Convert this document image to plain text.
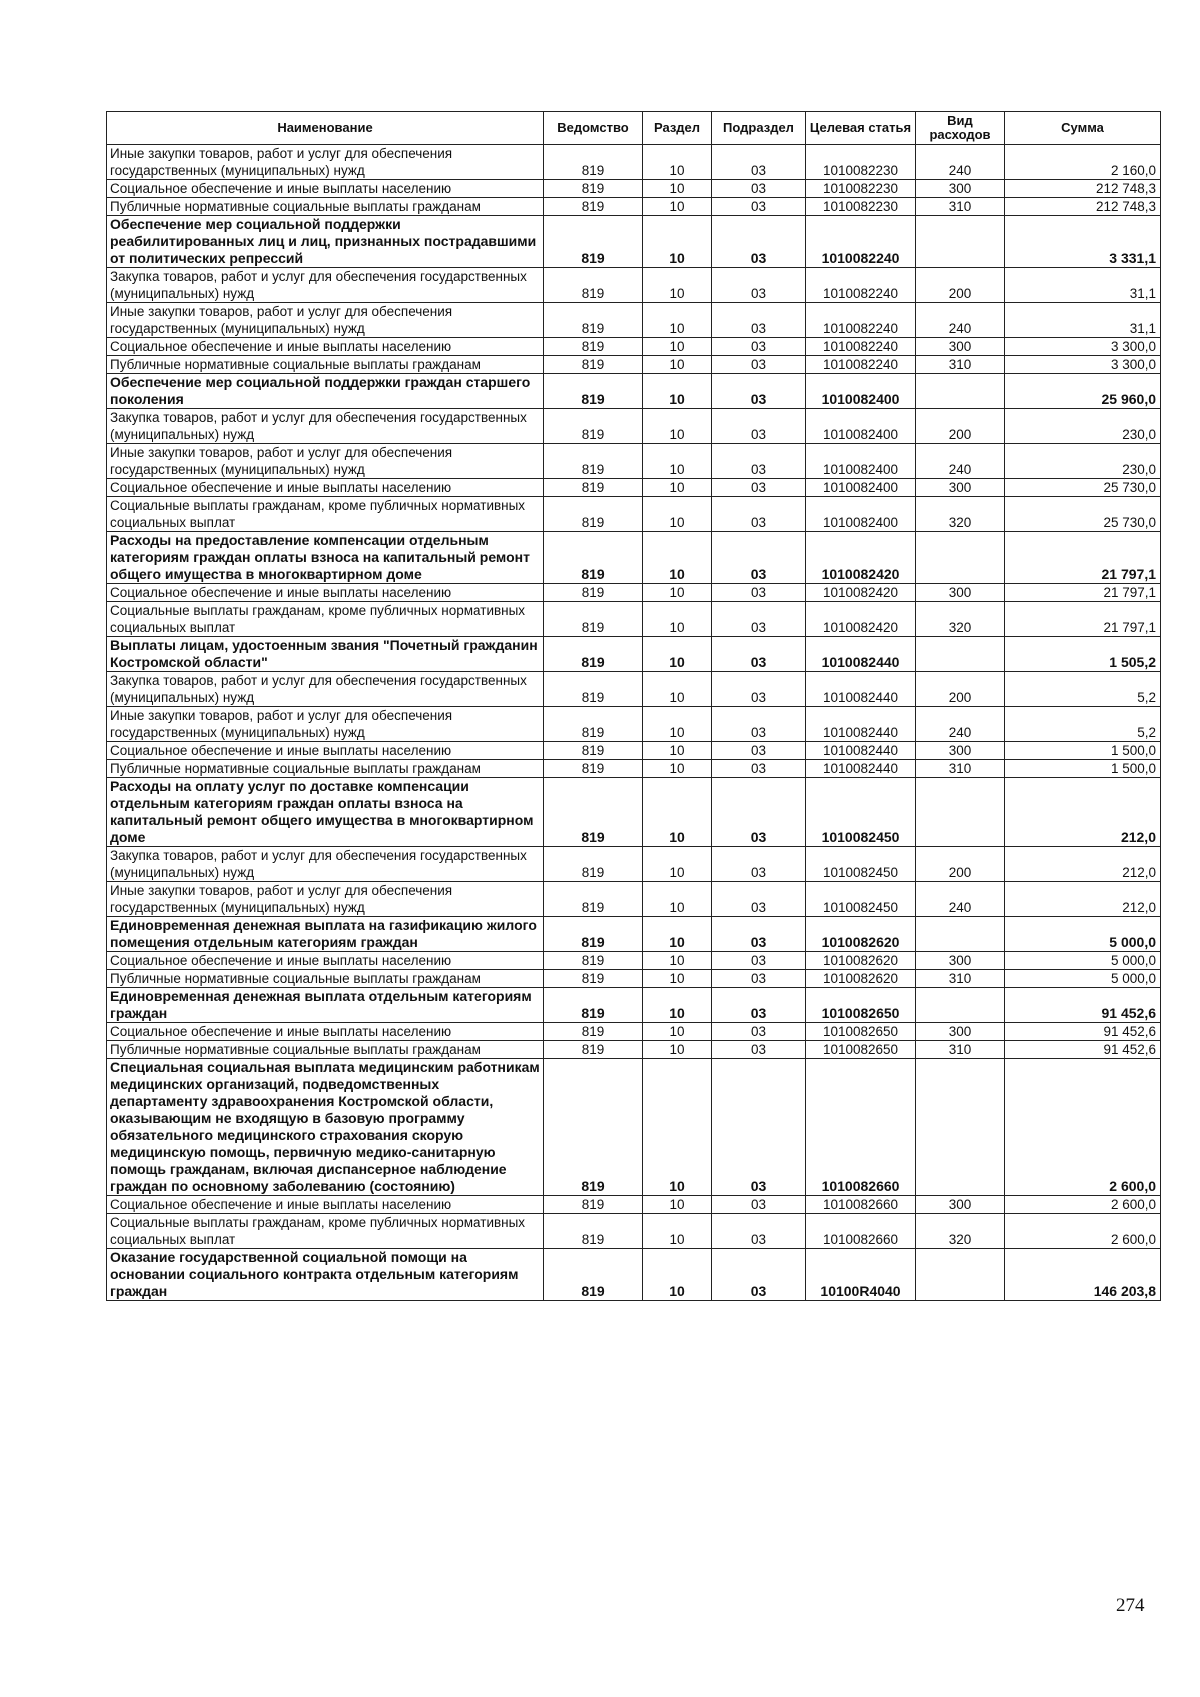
Наименование	Ведомство	Раздел	Подраздел	Целевая статья	Вид расходов	Сумма
Иные закупки товаров, работ и услуг для обеспечения государственных (муниципальных) нужд	819	10	03	1010082230	240	2 160,0
Социальное обеспечение и иные выплаты населению	819	10	03	1010082230	300	212 748,3
Публичные нормативные социальные выплаты гражданам	819	10	03	1010082230	310	212 748,3
Обеспечение мер социальной поддержки реабилитированных лиц и лиц, признанных пострадавшими от политических репрессий	819	10	03	1010082240		3 331,1
Закупка товаров, работ и услуг для обеспечения государственных (муниципальных) нужд	819	10	03	1010082240	200	31,1
Иные закупки товаров, работ и услуг для обеспечения государственных (муниципальных) нужд	819	10	03	1010082240	240	31,1
Социальное обеспечение и иные выплаты населению	819	10	03	1010082240	300	3 300,0
Публичные нормативные социальные выплаты гражданам	819	10	03	1010082240	310	3 300,0
Обеспечение мер социальной поддержки граждан старшего поколения	819	10	03	1010082400		25 960,0
Закупка товаров, работ и услуг для обеспечения государственных (муниципальных) нужд	819	10	03	1010082400	200	230,0
Иные закупки товаров, работ и услуг для обеспечения государственных (муниципальных) нужд	819	10	03	1010082400	240	230,0
Социальное обеспечение и иные выплаты населению	819	10	03	1010082400	300	25 730,0
Социальные выплаты гражданам, кроме публичных нормативных социальных выплат	819	10	03	1010082400	320	25 730,0
Расходы на предоставление компенсации отдельным категориям граждан оплаты взноса на капитальный ремонт общего имущества в многоквартирном доме	819	10	03	1010082420		21 797,1
Социальное обеспечение и иные выплаты населению	819	10	03	1010082420	300	21 797,1
Социальные выплаты гражданам, кроме публичных нормативных социальных выплат	819	10	03	1010082420	320	21 797,1
Выплаты лицам, удостоенным звания "Почетный гражданин Костромской области"	819	10	03	1010082440		1 505,2
Закупка товаров, работ и услуг для обеспечения государственных (муниципальных) нужд	819	10	03	1010082440	200	5,2
Иные закупки товаров, работ и услуг для обеспечения государственных (муниципальных) нужд	819	10	03	1010082440	240	5,2
Социальное обеспечение и иные выплаты населению	819	10	03	1010082440	300	1 500,0
Публичные нормативные социальные выплаты гражданам	819	10	03	1010082440	310	1 500,0
Расходы на оплату услуг по доставке компенсации отдельным категориям граждан оплаты взноса на капитальный ремонт общего имущества в многоквартирном доме	819	10	03	1010082450		212,0
Закупка товаров, работ и услуг для обеспечения государственных (муниципальных) нужд	819	10	03	1010082450	200	212,0
Иные закупки товаров, работ и услуг для обеспечения государственных (муниципальных) нужд	819	10	03	1010082450	240	212,0
Единовременная денежная выплата на газификацию жилого помещения отдельным категориям граждан	819	10	03	1010082620		5 000,0
Социальное обеспечение и иные выплаты населению	819	10	03	1010082620	300	5 000,0
Публичные нормативные социальные выплаты гражданам	819	10	03	1010082620	310	5 000,0
Единовременная денежная выплата отдельным категориям граждан	819	10	03	1010082650		91 452,6
Социальное обеспечение и иные выплаты населению	819	10	03	1010082650	300	91 452,6
Публичные нормативные социальные выплаты гражданам	819	10	03	1010082650	310	91 452,6
Специальная социальная выплата медицинским работникам медицинских организаций, подведомственных департаменту здравоохранения Костромской области, оказывающим не входящую в базовую программу обязательного медицинского страхования скорую медицинскую помощь, первичную медико-санитарную помощь гражданам, включая диспансерное наблюдение граждан по основному заболеванию (состоянию)	819	10	03	1010082660		2 600,0
Социальное обеспечение и иные выплаты населению	819	10	03	1010082660	300	2 600,0
Социальные выплаты гражданам, кроме публичных нормативных социальных выплат	819	10	03	1010082660	320	2 600,0
Оказание государственной социальной помощи на основании социального контракта отдельным категориям граждан	819	10	03	10100R4040		146 203,8
274
